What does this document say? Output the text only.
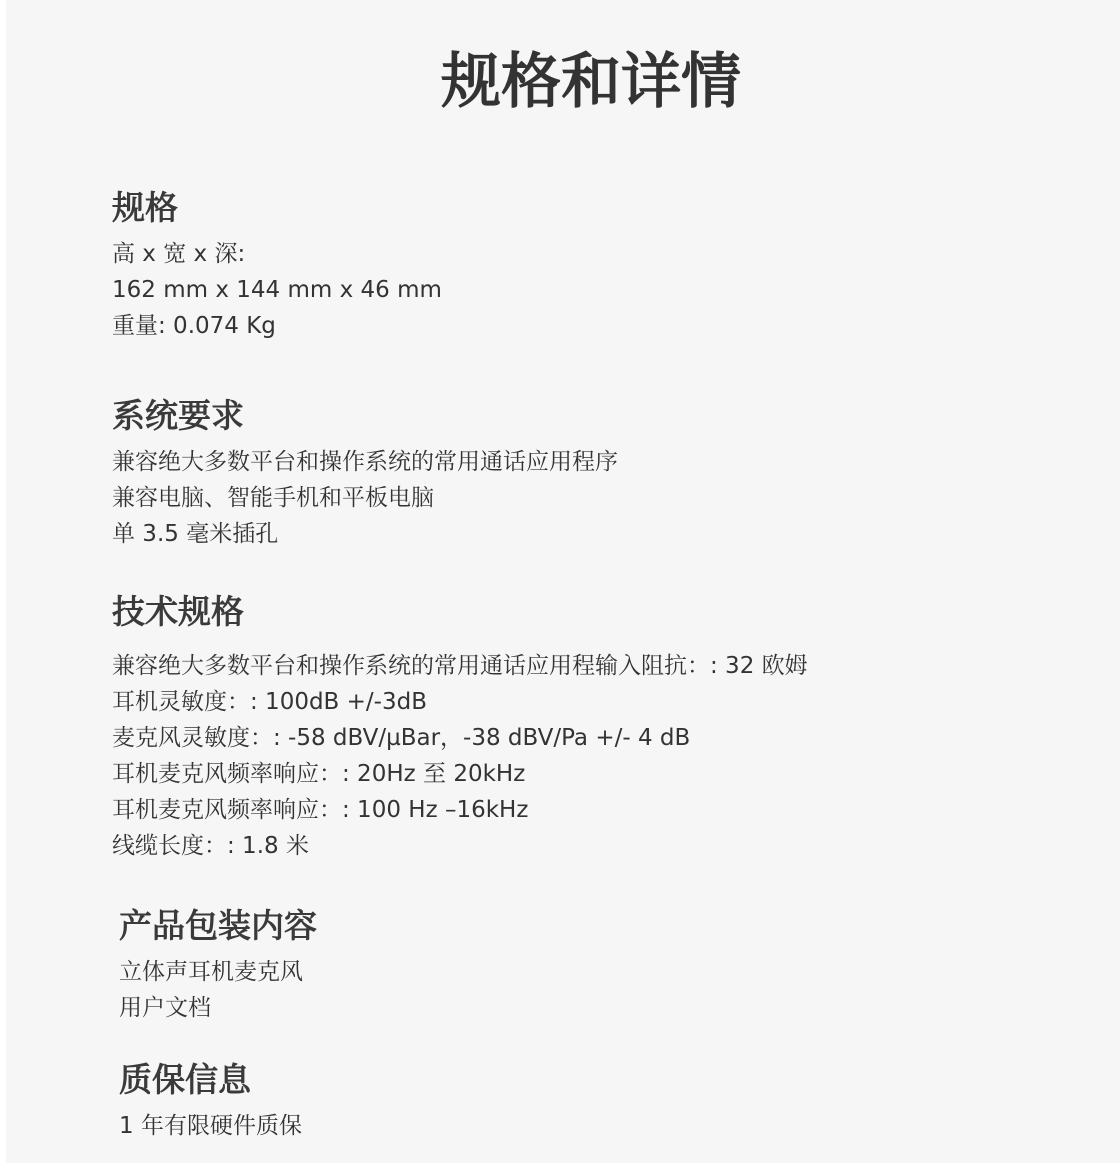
规格和详情
规格
高 x 宽 x 深:
162 mm x 144 mm x 46 mm
重量: 0.074 Kg
系统要求
兼容绝大多数平台和操作系统的常用通话应用程序
兼容电脑、智能手机和平板电脑
单 3.5 毫米插孔
技术规格
兼容绝大多数平台和操作系统的常用通话应用程输入阻抗：: 32 欧姆
耳机灵敏度：: 100dB +/-3dB
麦克风灵敏度：: -58 dBV/µBar，-38 dBV/Pa +/- 4 dB
耳机麦克风频率响应：: 20Hz 至 20kHz
耳机麦克风频率响应：: 100 Hz –16kHz
线缆长度：: 1.8 米
产品包装内容
立体声耳机麦克风
用户文档
质保信息
1 年有限硬件质保
